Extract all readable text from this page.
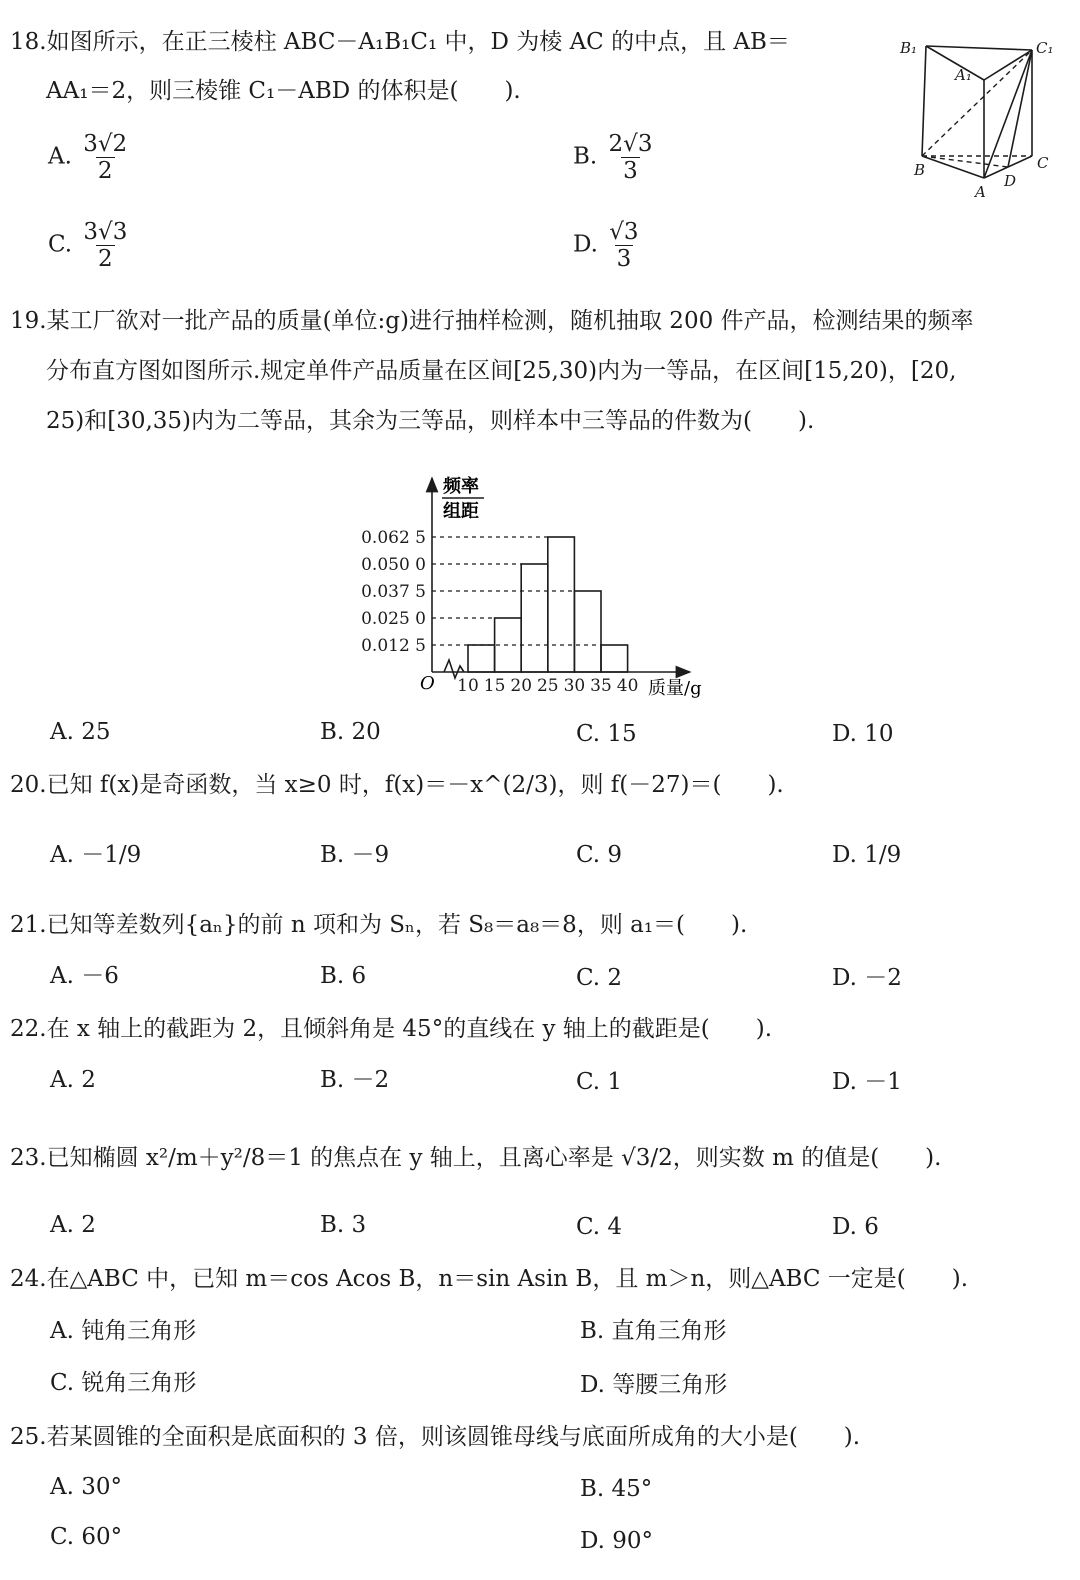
18.如图所示，在正三棱柱 ABC－A₁B₁C₁ 中，D 为棱 AC 的中点，且 AB＝
AA₁＝2，则三棱锥 C₁－ABD 的体积是(　　).
A. $\frac{3√2}{2}$	B. $\frac{2√3}{3}$
C. $\frac{3√3}{2}$	D. $\frac{√3}{3}$
B₁
A₁
C₁
B
A
D
C
19.某工厂欲对一批产品的质量(单位:g)进行抽样检测，随机抽取 200 件产品，检测结果的频率
分布直方图如图所示.规定单件产品质量在区间[25,30)内为一等品，在区间[15,20)，[20,
25)和[30,35)内为二等品，其余为三等品，则样本中三等品的件数为(　　).
0.012 5
0.025 0
0.037 5
0.050 0
0.062 5
10 15 20 25 30 35 40
频率
组距
O	质量/g
A. 25	B. 20	C. 15	D. 10
20.已知 f(x)是奇函数，当 x≥0 时，f(x)＝－x^(2/3)，则 f(－27)＝(　　).
A. －1/9	B. －9	C. 9	D. 1/9
21.已知等差数列{aₙ}的前 n 项和为 Sₙ，若 S₈＝a₈＝8，则 a₁＝(　　).
A. －6	B. 6	C. 2	D. －2
22.在 x 轴上的截距为 2，且倾斜角是 45°的直线在 y 轴上的截距是(　　).
A. 2	B. －2	C. 1	D. －1
23.已知椭圆 x²/m＋y²/8＝1 的焦点在 y 轴上，且离心率是 √3/2，则实数 m 的值是(　　).
A. 2	B. 3	C. 4	D. 6
24.在△ABC 中，已知 m＝cos Acos B，n＝sin Asin B，且 m＞n，则△ABC 一定是(　　).
A. 钝角三角形	B. 直角三角形
C. 锐角三角形	D. 等腰三角形
25.若某圆锥的全面积是底面积的 3 倍，则该圆锥母线与底面所成角的大小是(　　).
A. 30°	B. 45°
C. 60°	D. 90°
